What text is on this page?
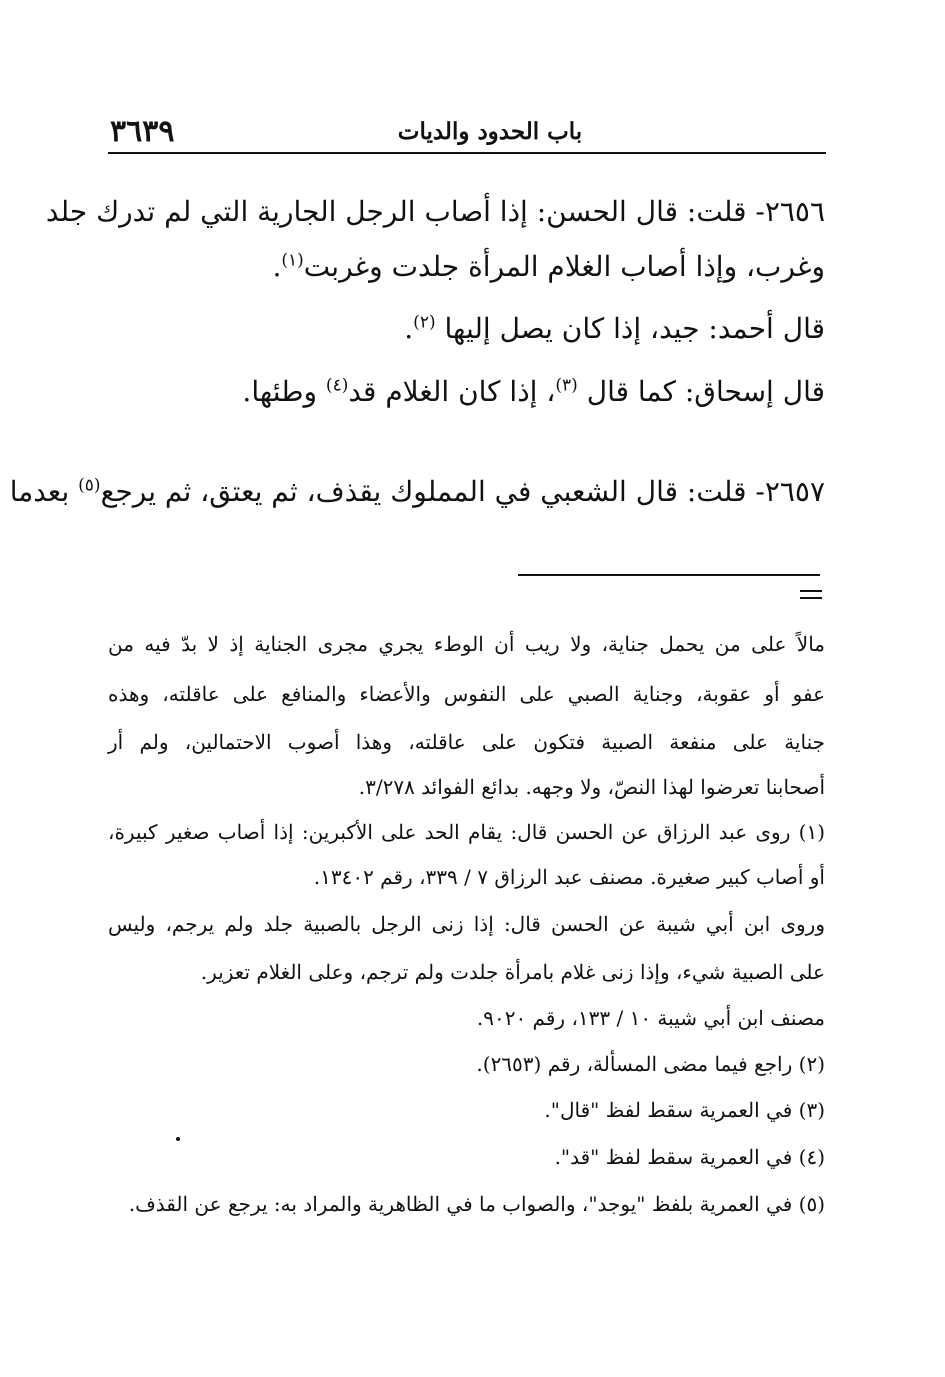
٣٦٣٩	باب الحدود والديات
٢٦٥٦- قلت: قال الحسن: إذا أصاب الرجل الجارية التي لم تدرك جلد
وغرب، وإذا أصاب الغلام المرأة جلدت وغربت$^{(١)}$.
قال أحمد: جيد، إذا كان يصل إليها $^{(٢)}$.
قال إسحاق: كما قال $^{(٣)}$، إذا كان الغلام قد$^{(٤)}$ وطئها.
٢٦٥٧- قلت: قال الشعبي في المملوك يقذف، ثم يعتق، ثم يرجع$^{(٥)}$ بعدما
مالاً على من يحمل جناية، ولا ريب أن الوطء يجري مجرى الجناية إذ لا بدّ فيه من
عفو أو عقوبة، وجناية الصبي على النفوس والأعضاء والمنافع على عاقلته، وهذه
جناية على منفعة الصبية فتكون على عاقلته، وهذا أصوب الاحتمالين، ولم أر
أصحابنا تعرضوا لهذا النصّ، ولا وجهه. بدائع الفوائد ٣/٢٧٨.
(١) روى عبد الرزاق عن الحسن قال: يقام الحد على الأكبرين: إذا أصاب صغير كبيرة،
أو أصاب كبير صغيرة. مصنف عبد الرزاق ٧ / ٣٣٩، رقم ١٣٤٠٢.
وروى ابن أبي شيبة عن الحسن قال: إذا زنى الرجل بالصبية جلد ولم يرجم، وليس
على الصبية شيء، وإذا زنى غلام بامرأة جلدت ولم ترجم، وعلى الغلام تعزير.
مصنف ابن أبي شيبة ١٠ / ١٣٣، رقم ٩٠٢٠.
(٢) راجع فيما مضى المسألة، رقم (٢٦٥٣).
(٣) في العمرية سقط لفظ "قال".
(٤) في العمرية سقط لفظ "قد".
(٥) في العمرية بلفظ "يوجد"، والصواب ما في الظاهرية والمراد به: يرجع عن القذف.
